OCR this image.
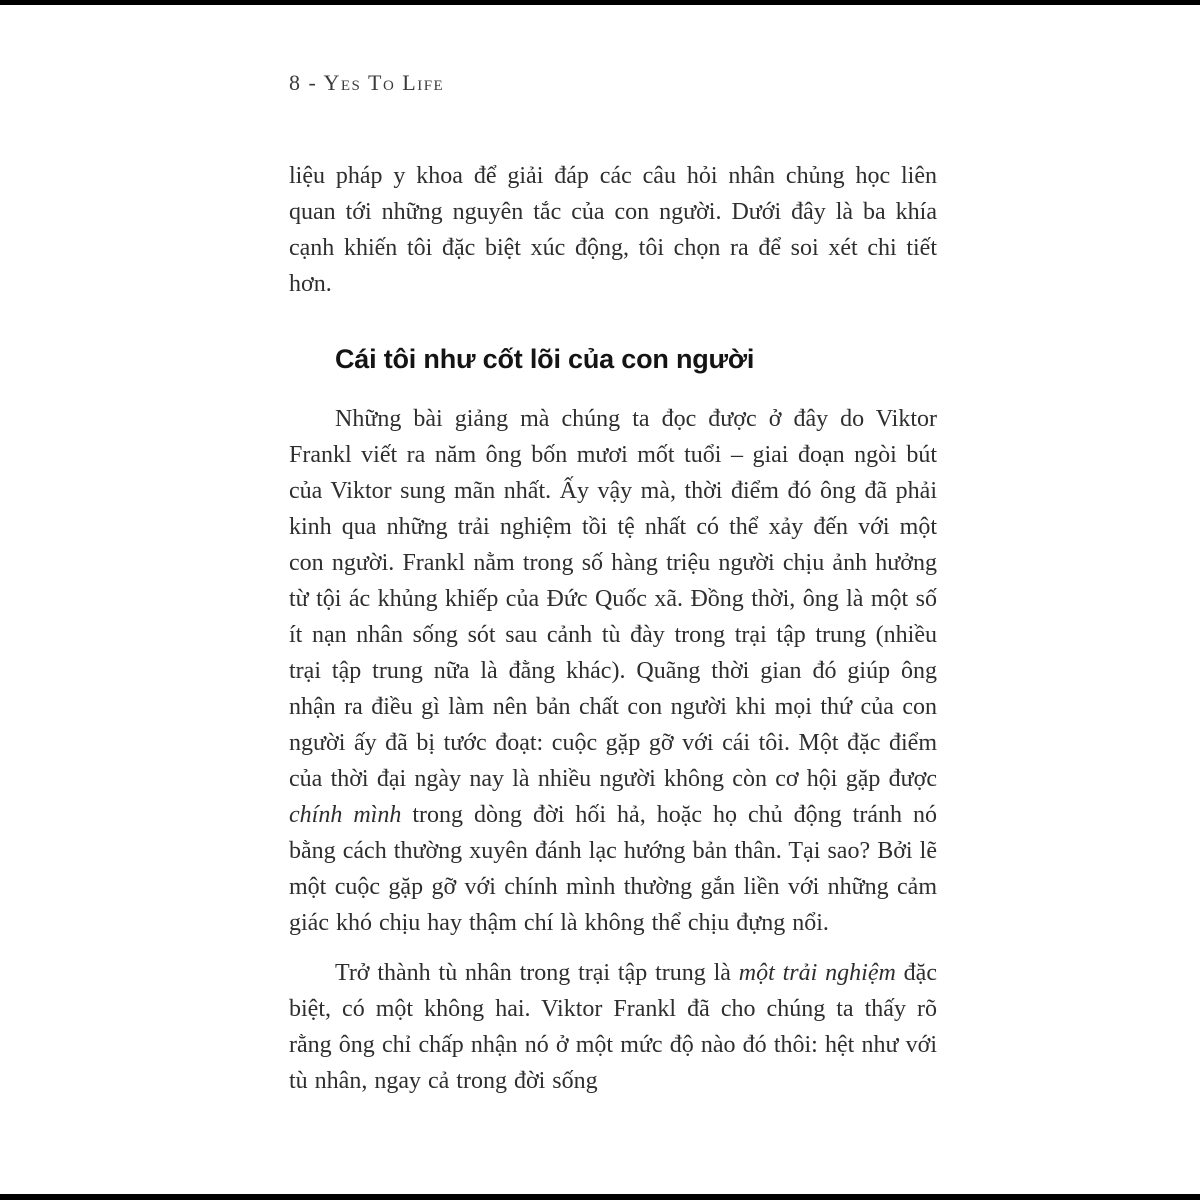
8 - Yes To Life

liệu pháp y khoa để giải đáp các câu hỏi nhân chủng học liên quan tới những nguyên tắc của con người. Dưới đây là ba khía cạnh khiến tôi đặc biệt xúc động, tôi chọn ra để soi xét chi tiết hơn.

Cái tôi như cốt lõi của con người

Những bài giảng mà chúng ta đọc được ở đây do Viktor Frankl viết ra năm ông bốn mươi mốt tuổi – giai đoạn ngòi bút của Viktor sung mãn nhất. Ấy vậy mà, thời điểm đó ông đã phải kinh qua những trải nghiệm tồi tệ nhất có thể xảy đến với một con người. Frankl nằm trong số hàng triệu người chịu ảnh hưởng từ tội ác khủng khiếp của Đức Quốc xã. Đồng thời, ông là một số ít nạn nhân sống sót sau cảnh tù đày trong trại tập trung (nhiều trại tập trung nữa là đằng khác). Quãng thời gian đó giúp ông nhận ra điều gì làm nên bản chất con người khi mọi thứ của con người ấy đã bị tước đoạt: cuộc gặp gỡ với cái tôi. Một đặc điểm của thời đại ngày nay là nhiều người không còn cơ hội gặp được chính mình trong dòng đời hối hả, hoặc họ chủ động tránh nó bằng cách thường xuyên đánh lạc hướng bản thân. Tại sao? Bởi lẽ một cuộc gặp gỡ với chính mình thường gắn liền với những cảm giác khó chịu hay thậm chí là không thể chịu đựng nổi.

Trở thành tù nhân trong trại tập trung là một trải nghiệm đặc biệt, có một không hai. Viktor Frankl đã cho chúng ta thấy rõ rằng ông chỉ chấp nhận nó ở một mức độ nào đó thôi: hệt như với tù nhân, ngay cả trong đời sống
